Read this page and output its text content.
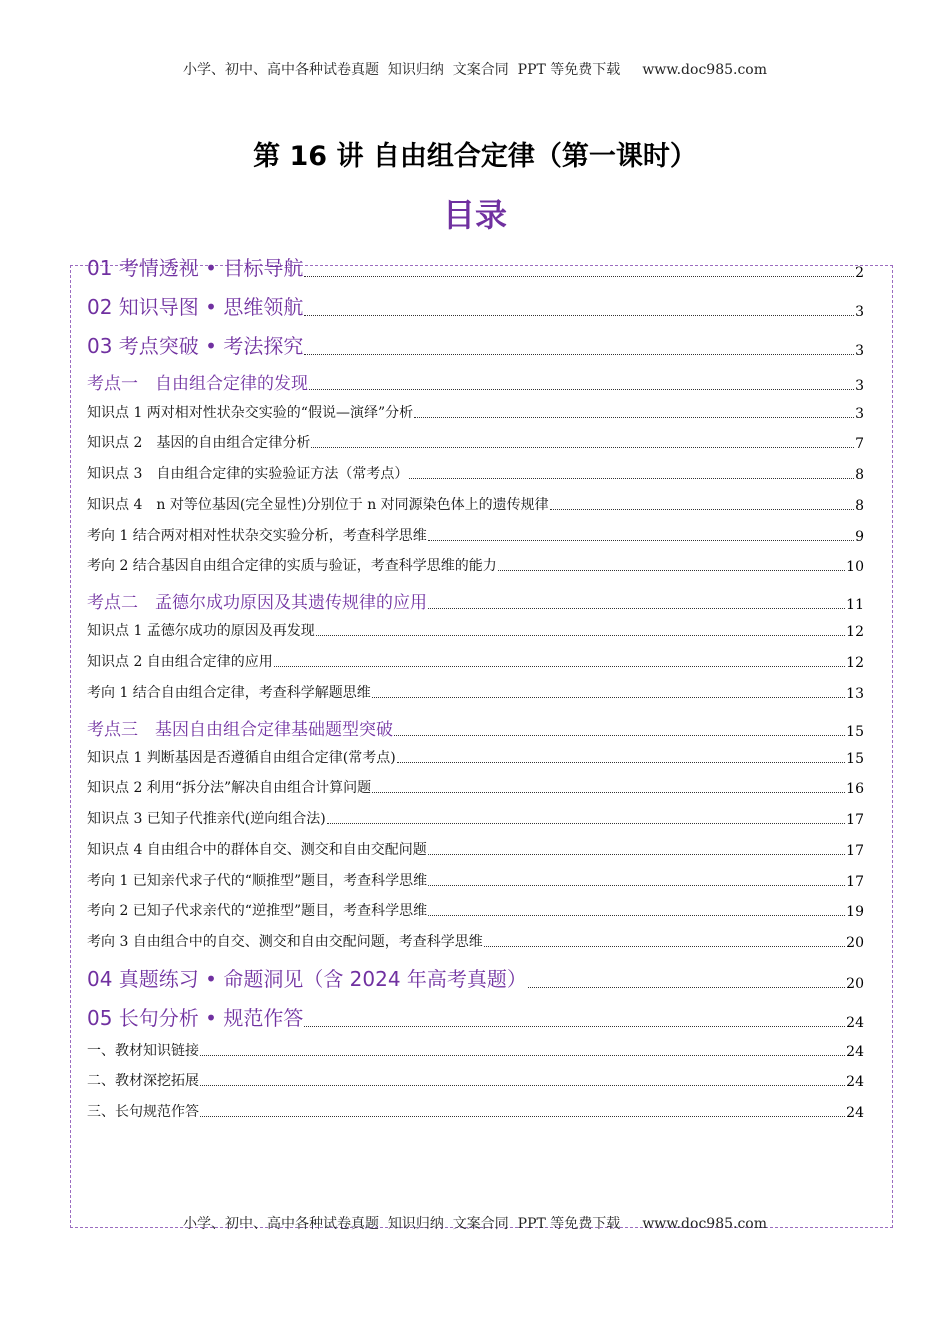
小学、初中、高中各种试卷真题  知识归纳  文案合同  PPT 等免费下载 www.doc985.com
第 16 讲 自由组合定律（第一课时）
目录
01 考情透视 • 目标导航	2
02 知识导图 • 思维领航	3
03 考点突破 • 考法探究	3
考点一　自由组合定律的发现	3
知识点 1 两对相对性状杂交实验的“假说—演绎”分析	3
知识点 2　基因的自由组合定律分析	7
知识点 3　自由组合定律的实验验证方法（常考点）	8
知识点 4　n 对等位基因(完全显性)分别位于 n 对同源染色体上的遗传规律	8
考向 1 结合两对相对性状杂交实验分析，考查科学思维	9
考向 2 结合基因自由组合定律的实质与验证，考查科学思维的能力	10
考点二　孟德尔成功原因及其遗传规律的应用	11
知识点 1 孟德尔成功的原因及再发现	12
知识点 2 自由组合定律的应用	12
考向 1 结合自由组合定律，考查科学解题思维	13
考点三　基因自由组合定律基础题型突破	15
知识点 1 判断基因是否遵循自由组合定律(常考点)	15
知识点 2 利用“拆分法”解决自由组合计算问题	16
知识点 3 已知子代推亲代(逆向组合法)	17
知识点 4 自由组合中的群体自交、测交和自由交配问题	17
考向 1 已知亲代求子代的“顺推型”题目，考查科学思维	17
考向 2 已知子代求亲代的“逆推型”题目，考查科学思维	19
考向 3 自由组合中的自交、测交和自由交配问题，考查科学思维	20
04 真题练习 • 命题洞见（含 2024 年高考真题）	20
05 长句分析 • 规范作答	24
一、教材知识链接	24
二、教材深挖拓展	24
三、长句规范作答	24
小学、初中、高中各种试卷真题  知识归纳  文案合同  PPT 等免费下载 www.doc985.com
